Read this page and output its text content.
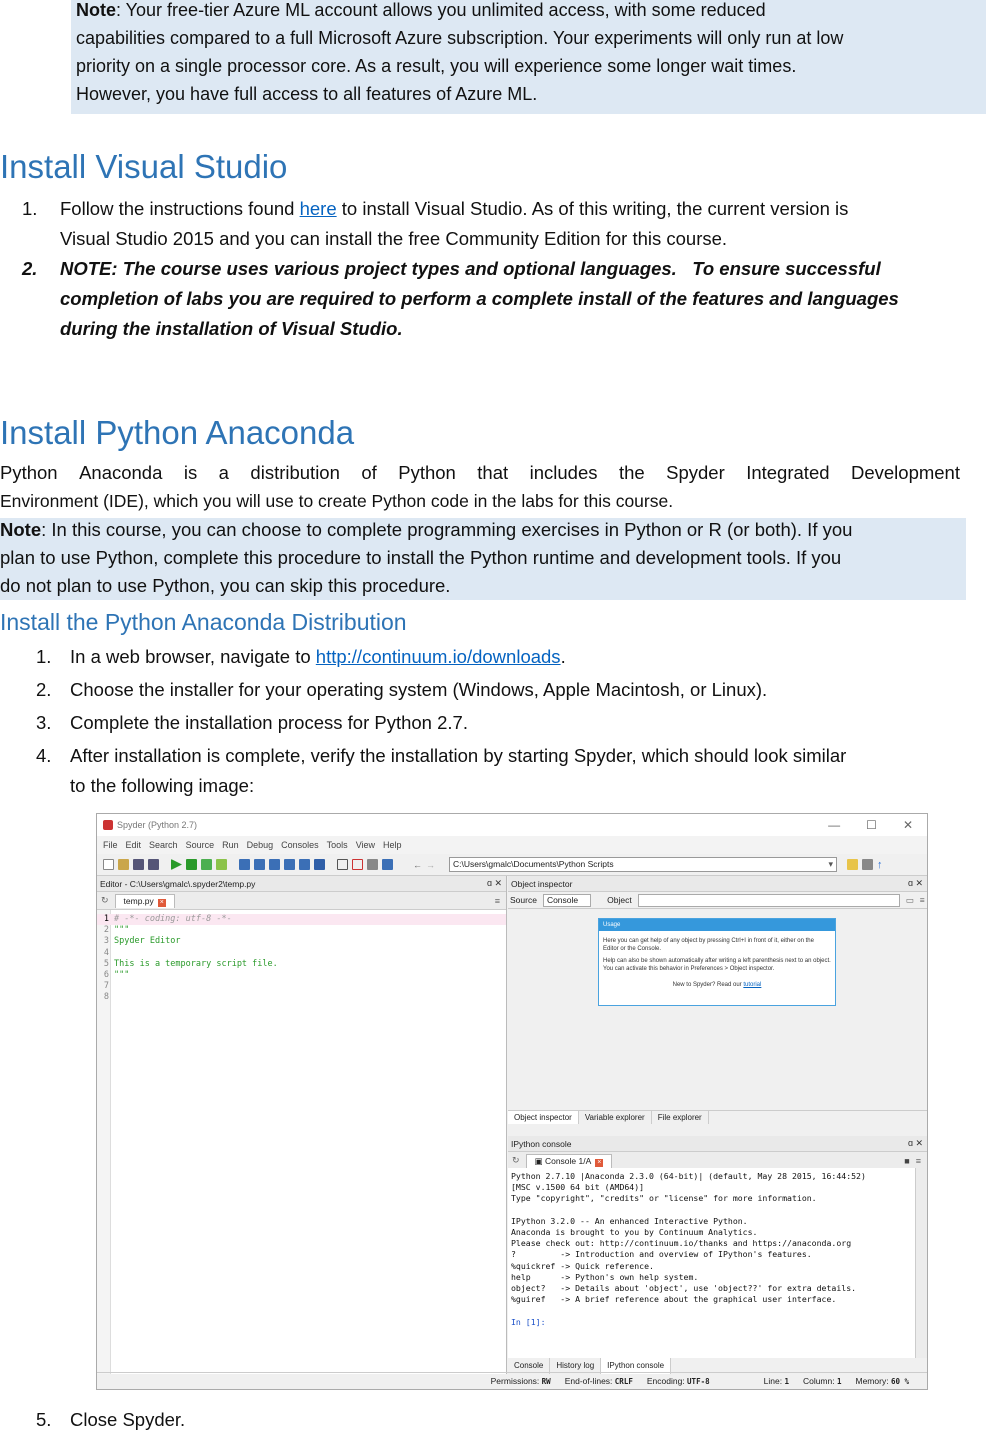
Note: Your free-tier Azure ML account allows you unlimited access, with some reduced
capabilities compared to a full Microsoft Azure subscription. Your experiments will only run at low
priority on a single processor core. As a result, you will experience some longer wait times.
However, you have full access to all features of Azure ML.
Install Visual Studio
1.	Follow the instructions found here to install Visual Studio. As of this writing, the current version is
Visual Studio 2015 and you can install the free Community Edition for this course.
2.	NOTE: The course uses various project types and optional languages.   To ensure successful
completion of labs you are required to perform a complete install of the features and languages
during the installation of Visual Studio.
Install Python Anaconda
Python Anaconda is a distribution of Python that includes the Spyder Integrated Development
Environment (IDE), which you will use to create Python code in the labs for this course.
Note: In this course, you can choose to complete programming exercises in Python or R (or both). If you
plan to use Python, complete this procedure to install the Python runtime and development tools. If you
do not plan to use Python, you can skip this procedure.
Install the Python Anaconda Distribution
1.	In a web browser, navigate to http://continuum.io/downloads.
2.	Choose the installer for your operating system (Windows, Apple Macintosh, or Linux).
3.	Complete the installation process for Python 2.7.
4.	After installation is complete, verify the installation by starting Spyder, which should look similar
to the following image:
Spyder (Python 2.7)	— ☐ ✕
File Edit Search Source Run Debug Consoles Tools View Help
← →	C:\Users\gmalc\Documents\Python Scripts ▾	↑
Editor - C:\Users\gmalc\.spyder2\temp.py	ɑ ✕
↻	temp.py ×	≡
1 # -*- coding: utf-8 -*-
2 """
3 Spyder Editor
4
5 This is a temporary script file.
6 """
7
8
Object inspector	ɑ ✕
Source	Console	Object	▭ ≡
Usage

Here you can get help of any object by pressing Ctrl+I in front of it, either on the Editor or the Console.

Help can also be shown automatically after writing a left parenthesis next to an object. You can activate this behavior in Preferences > Object inspector.

New to Spyder? Read our tutorial

Object inspector	Variable explorer	File explorer
IPython console	ɑ ✕
↻	▣ Console 1/A ×	■ ≡
Python 2.7.10 |Anaconda 2.3.0 (64-bit)| (default, May 28 2015, 16:44:52)
[MSC v.1500 64 bit (AMD64)]
Type "copyright", "credits" or "license" for more information.
IPython 3.2.0 -- An enhanced Interactive Python.
Anaconda is brought to you by Continuum Analytics.
Please check out: http://continuum.io/thanks and https://anaconda.org
?         -> Introduction and overview of IPython's features.
%quickref -> Quick reference.
help      -> Python's own help system.
object?   -> Details about 'object', use 'object??' for extra details.
%guiref   -> A brief reference about the graphical user interface.
In [1]:
Console	History log	IPython console
Permissions: RW End-of-lines: CRLF Encoding: UTF-8	Line: 1 Column: 1 Memory: 60 %
5.	Close Spyder.
